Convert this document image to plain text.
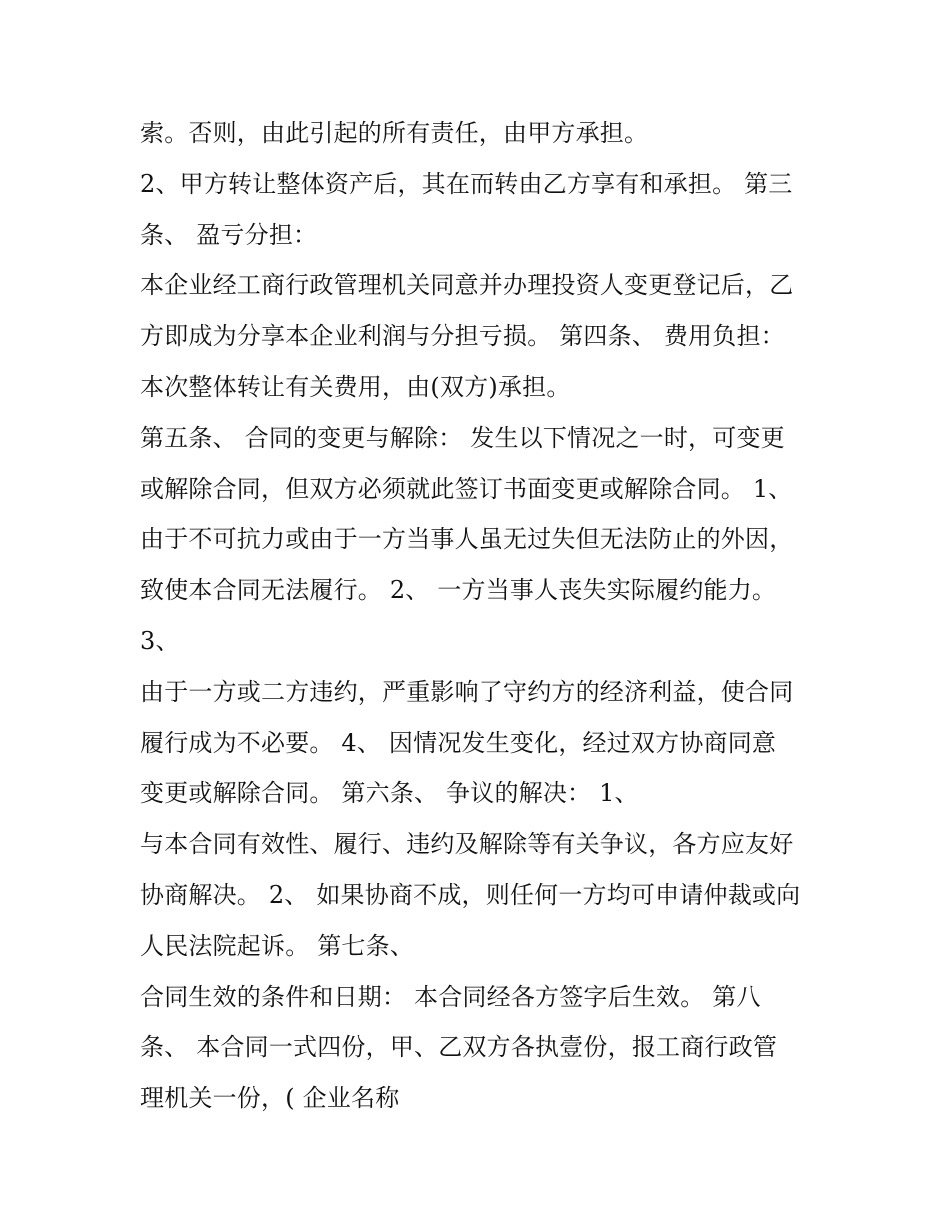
索。否则，由此引起的所有责任，由甲方承担。
2、甲方转让整体资产后，其在而转由乙方享有和承担。 第三
条、 盈亏分担：
本企业经工商行政管理机关同意并办理投资人变更登记后，乙
方即成为分享本企业利润与分担亏损。 第四条、 费用负担：
本次整体转让有关费用，由(双方)承担。
第五条、 合同的变更与解除： 发生以下情况之一时，可变更
或解除合同，但双方必须就此签订书面变更或解除合同。 1、
由于不可抗力或由于一方当事人虽无过失但无法防止的外因，
致使本合同无法履行。 2、 一方当事人丧失实际履约能力。
3、
由于一方或二方违约，严重影响了守约方的经济利益，使合同
履行成为不必要。 4、 因情况发生变化，经过双方协商同意
变更或解除合同。 第六条、 争议的解决： 1、
与本合同有效性、履行、违约及解除等有关争议，各方应友好
协商解决。 2、 如果协商不成，则任何一方均可申请仲裁或向
人民法院起诉。 第七条、
合同生效的条件和日期： 本合同经各方签字后生效。 第八
条、 本合同一式四份，甲、乙双方各执壹份，报工商行政管
理机关一份，( 企业名称
